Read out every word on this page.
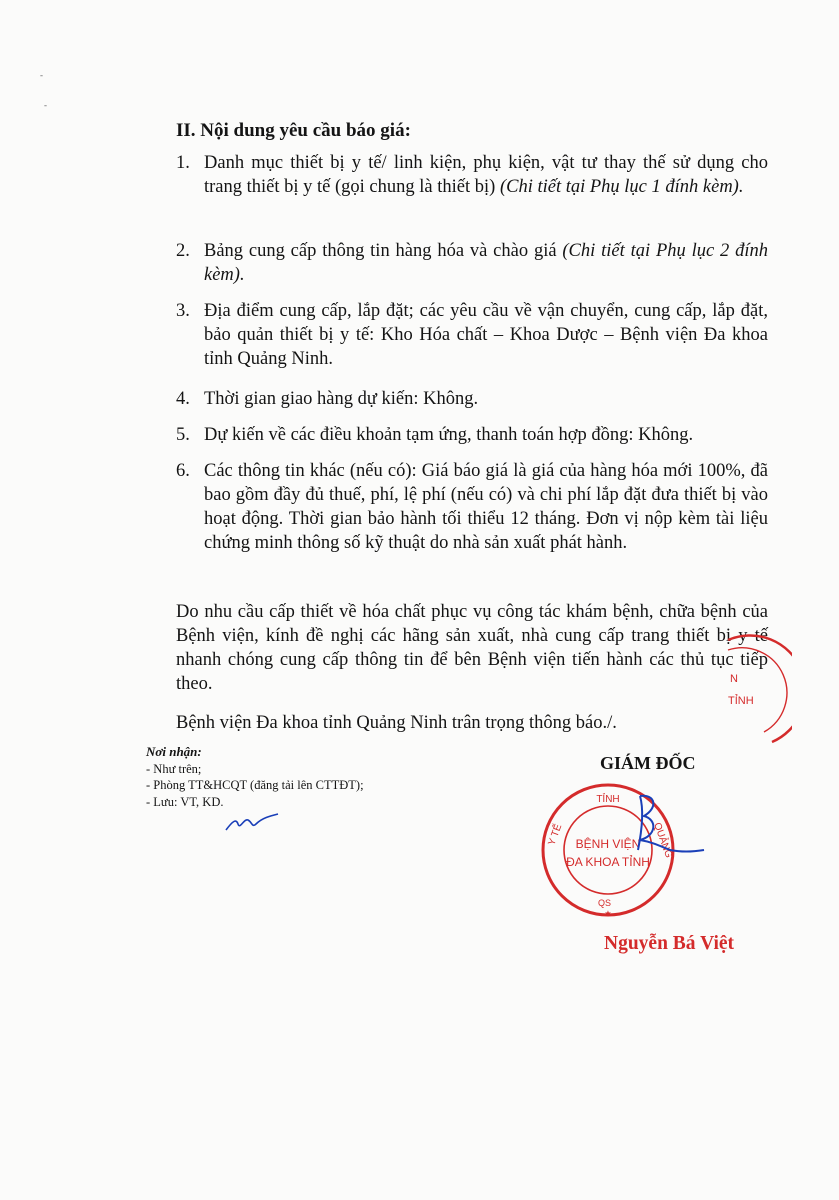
-
-
II. Nội dung yêu cầu báo giá:
1. Danh mục thiết bị y tế/ linh kiện, phụ kiện, vật tư thay thế sử dụng cho trang thiết bị y tế (gọi chung là thiết bị) (Chi tiết tại Phụ lục 1 đính kèm).
2. Bảng cung cấp thông tin hàng hóa và chào giá (Chi tiết tại Phụ lục 2 đính kèm).
3. Địa điểm cung cấp, lắp đặt; các yêu cầu về vận chuyển, cung cấp, lắp đặt, bảo quản thiết bị y tế: Kho Hóa chất – Khoa Dược – Bệnh viện Đa khoa tỉnh Quảng Ninh.
4. Thời gian giao hàng dự kiến: Không.
5. Dự kiến về các điều khoản tạm ứng, thanh toán hợp đồng: Không.
6. Các thông tin khác (nếu có): Giá báo giá là giá của hàng hóa mới 100%, đã bao gồm đầy đủ thuế, phí, lệ phí (nếu có) và chi phí lắp đặt đưa thiết bị vào hoạt động. Thời gian bảo hành tối thiểu 12 tháng. Đơn vị nộp kèm tài liệu chứng minh thông số kỹ thuật do nhà sản xuất phát hành.
Do nhu cầu cấp thiết về hóa chất phục vụ công tác khám bệnh, chữa bệnh của Bệnh viện, kính đề nghị các hãng sản xuất, nhà cung cấp trang thiết bị y tế nhanh chóng cung cấp thông tin để bên Bệnh viện tiến hành các thủ tục tiếp theo.
Bệnh viện Đa khoa tỉnh Quảng Ninh trân trọng thông báo./.
Nơi nhận:
- Như trên;
- Phòng TT&HCQT (đăng tải lên CTTĐT);
- Lưu: VT, KD.
GIÁM ĐỐC
N
TỈNH
TỈNH
Y TẾ	QUẢNG
QS
BỆNH VIỆN
ĐA KHOA TỈNH
★
Nguyễn Bá Việt
